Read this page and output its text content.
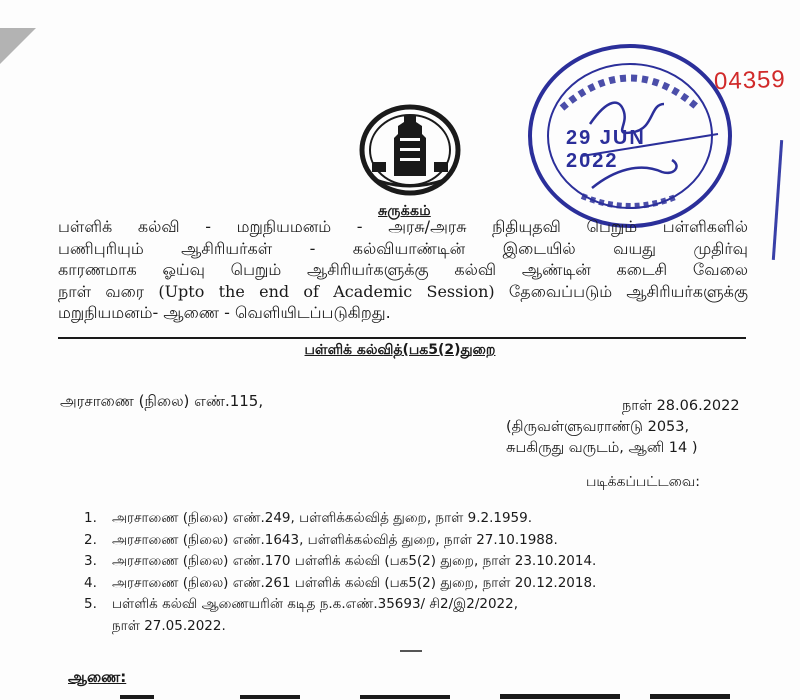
04359
29 JUN 2022
சுருக்கம்

பள்ளிக் கல்வி - மறுநியமனம் - அரசு/அரசு நிதியுதவி பெறும் பள்ளிகளில்

பணிபுரியும் ஆசிரியர்கள் - கல்வியாண்டின் இடையில் வயது முதிர்வு

காரணமாக ஓய்வு பெறும் ஆசிரியர்களுக்கு கல்வி ஆண்டின் கடைசி வேலை

நாள் வரை (Upto the end of Academic Session) தேவைப்படும் ஆசிரியர்களுக்கு

மறுநியமனம்- ஆணை - வெளியிடப்படுகிறது.

பள்ளிக் கல்வித்(பக5(2)துறை
அரசாணை (நிலை) எண்.115,	நாள் 28.06.2022
(திருவள்ளுவராண்டு 2053,
சுபகிருது வருடம், ஆனி 14 )
படிக்கப்பட்டவை:
1. அரசாணை (நிலை) எண்.249, பள்ளிக்கல்வித் துறை, நாள் 9.2.1959.
2. அரசாணை (நிலை) எண்.1643, பள்ளிக்கல்வித் துறை, நாள் 27.10.1988.
3. அரசாணை (நிலை) எண்.170 பள்ளிக் கல்வி (பக5(2) துறை, நாள் 23.10.2014.
4. அரசாணை (நிலை) எண்.261 பள்ளிக் கல்வி (பக5(2) துறை, நாள் 20.12.2018.
5. பள்ளிக் கல்வி ஆணையரின் கடித ந.க.எண்.35693/ சி2/இ2/2022,
நாள் 27.05.2022.
ஆணை:
